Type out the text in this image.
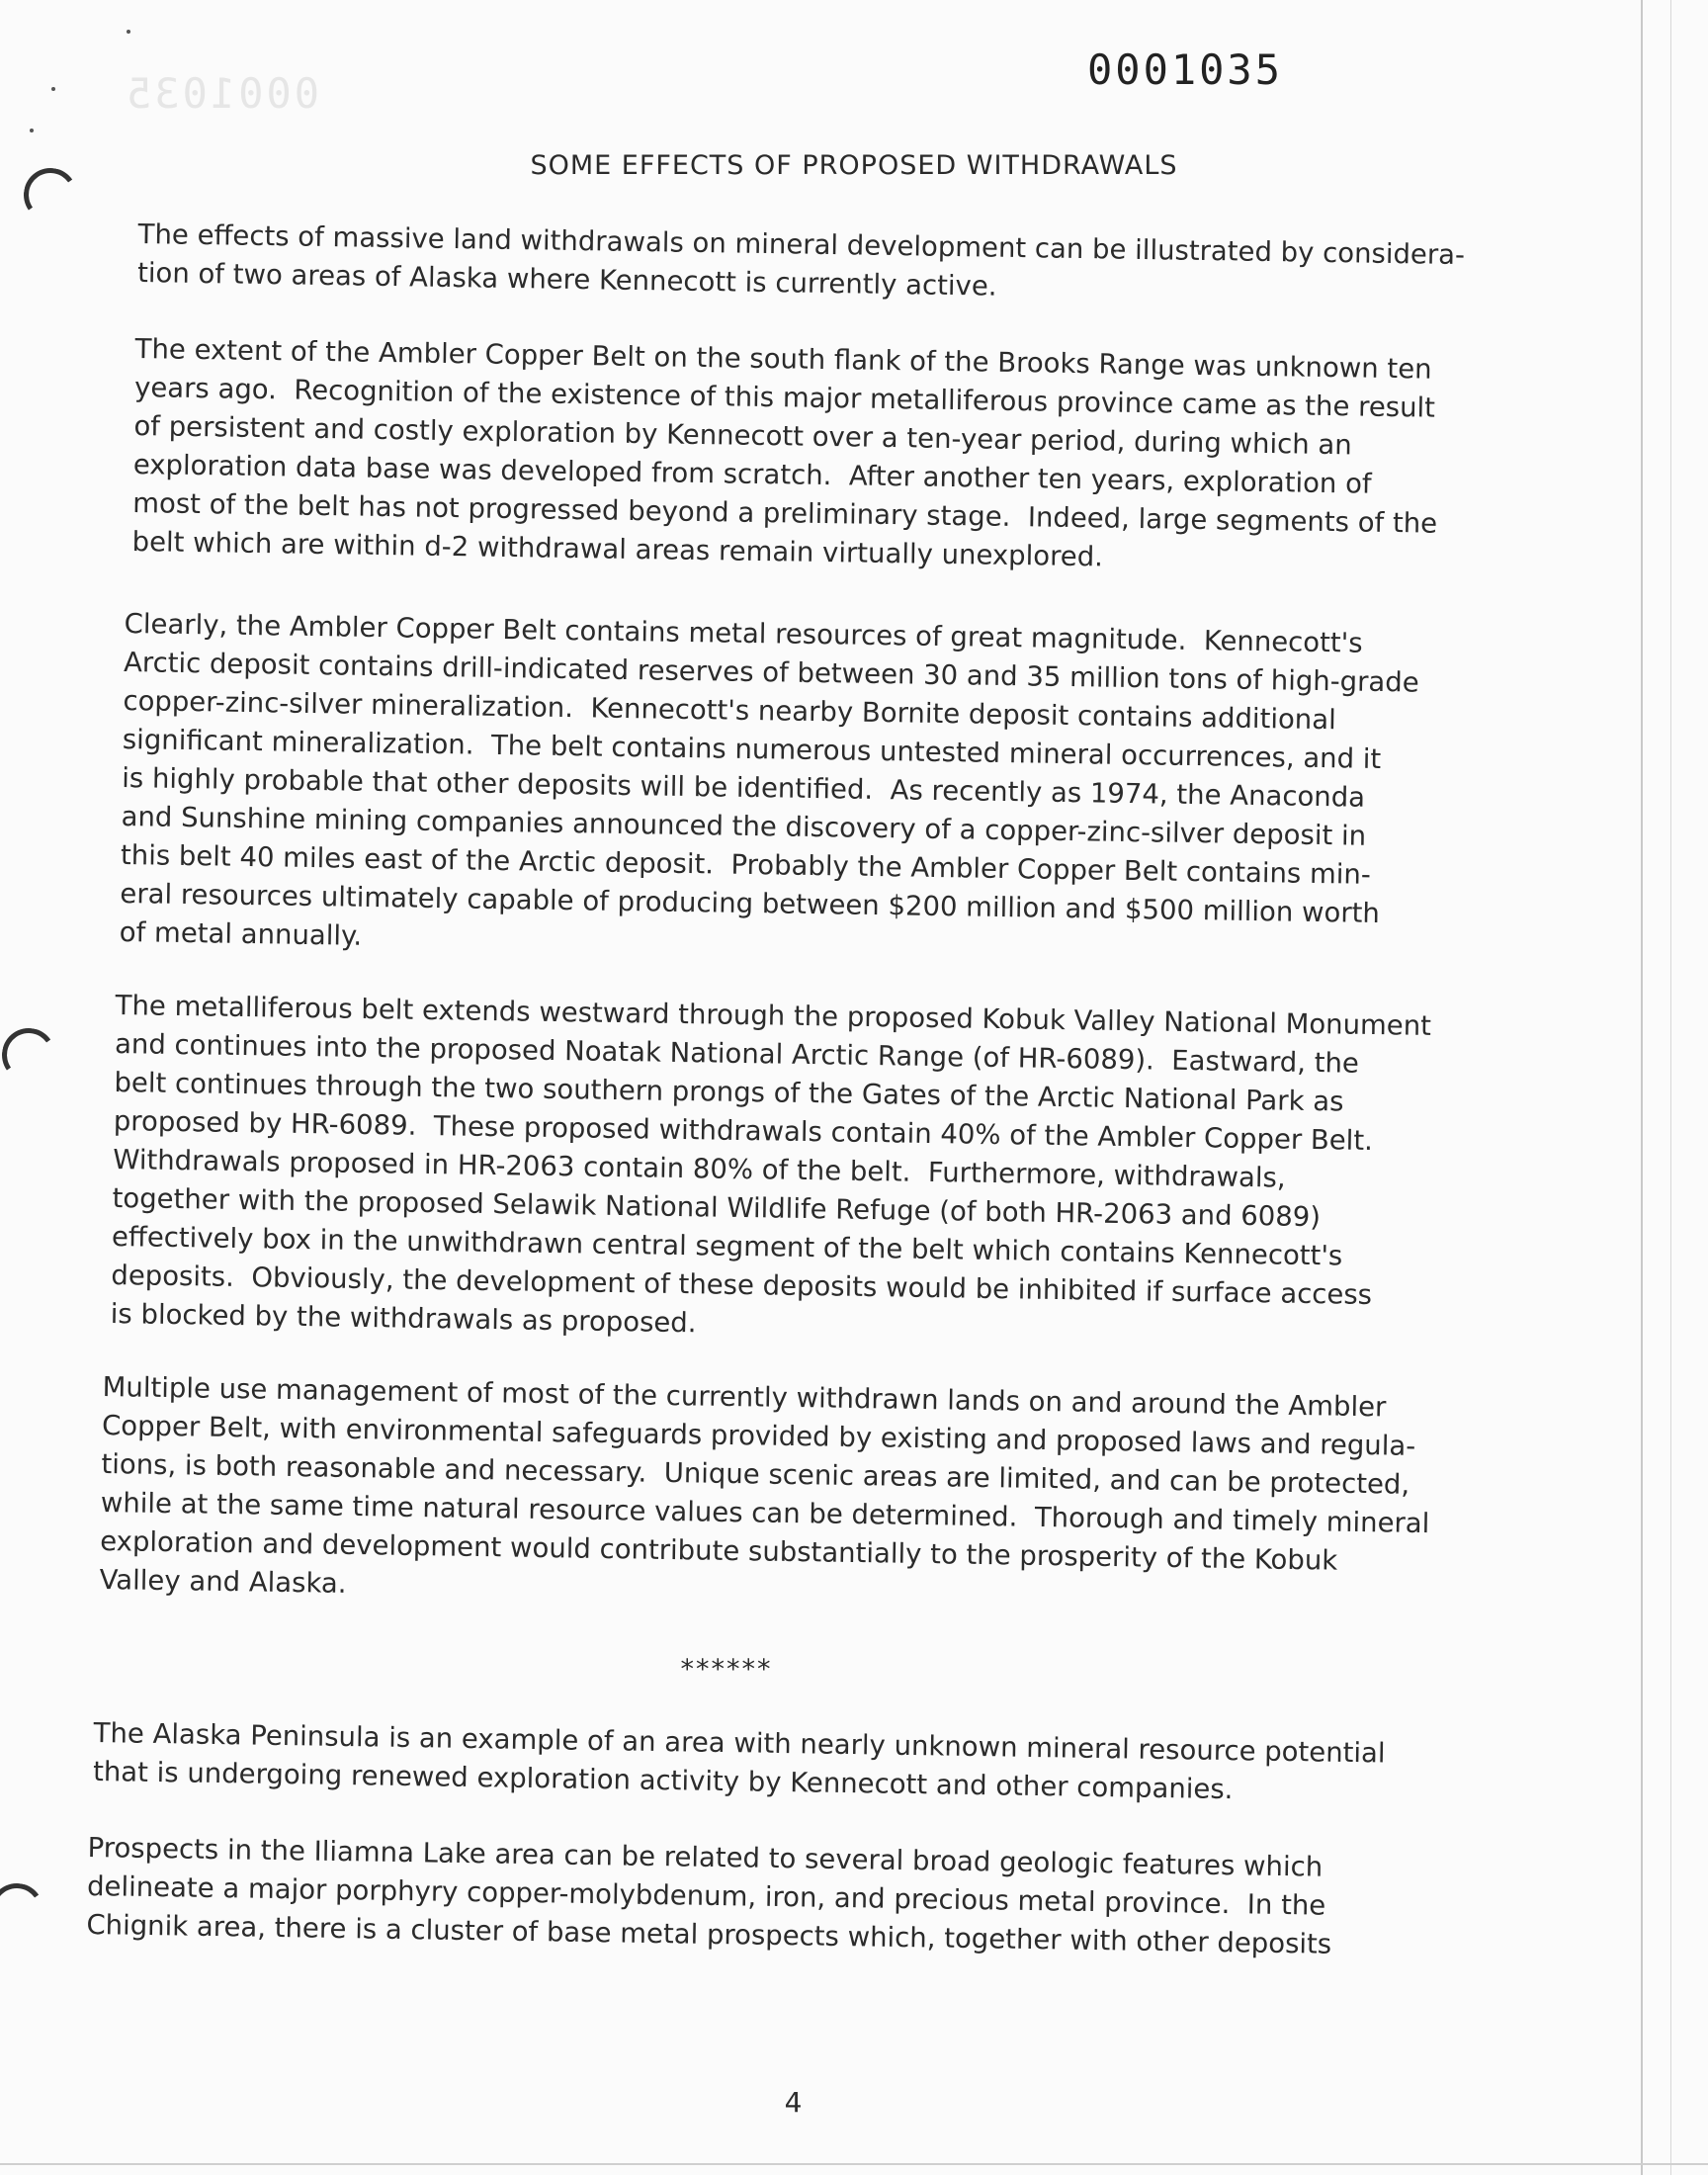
0001035	0001035
SOME EFFECTS OF PROPOSED WITHDRAWALS

The effects of massive land withdrawals on mineral development can be illustrated by considera-
tion of two areas of Alaska where Kennecott is currently active.

The extent of the Ambler Copper Belt on the south flank of the Brooks Range was unknown ten
years ago.  Recognition of the existence of this major metalliferous province came as the result
of persistent and costly exploration by Kennecott over a ten-year period, during which an
exploration data base was developed from scratch.  After another ten years, exploration of
most of the belt has not progressed beyond a preliminary stage.  Indeed, large segments of the
belt which are within d-2 withdrawal areas remain virtually unexplored.

Clearly, the Ambler Copper Belt contains metal resources of great magnitude.  Kennecott's
Arctic deposit contains drill-indicated reserves of between 30 and 35 million tons of high-grade
copper-zinc-silver mineralization.  Kennecott's nearby Bornite deposit contains additional
significant mineralization.  The belt contains numerous untested mineral occurrences, and it
is highly probable that other deposits will be identified.  As recently as 1974, the Anaconda
and Sunshine mining companies announced the discovery of a copper-zinc-silver deposit in
this belt 40 miles east of the Arctic deposit.  Probably the Ambler Copper Belt contains min-
eral resources ultimately capable of producing between $200 million and $500 million worth
of metal annually.

The metalliferous belt extends westward through the proposed Kobuk Valley National Monument
and continues into the proposed Noatak National Arctic Range (of HR-6089).  Eastward, the
belt continues through the two southern prongs of the Gates of the Arctic National Park as
proposed by HR-6089.  These proposed withdrawals contain 40% of the Ambler Copper Belt.
Withdrawals proposed in HR-2063 contain 80% of the belt.  Furthermore, withdrawals,
together with the proposed Selawik National Wildlife Refuge (of both HR-2063 and 6089)
effectively box in the unwithdrawn central segment of the belt which contains Kennecott's
deposits.  Obviously, the development of these deposits would be inhibited if surface access
is blocked by the withdrawals as proposed.

Multiple use management of most of the currently withdrawn lands on and around the Ambler
Copper Belt, with environmental safeguards provided by existing and proposed laws and regula-
tions, is both reasonable and necessary.  Unique scenic areas are limited, and can be protected,
while at the same time natural resource values can be determined.  Thorough and timely mineral
exploration and development would contribute substantially to the prosperity of the Kobuk
Valley and Alaska.

******

The Alaska Peninsula is an example of an area with nearly unknown mineral resource potential
that is undergoing renewed exploration activity by Kennecott and other companies.

Prospects in the Iliamna Lake area can be related to several broad geologic features which
delineate a major porphyry copper-molybdenum, iron, and precious metal province.  In the
Chignik area, there is a cluster of base metal prospects which, together with other deposits

4
